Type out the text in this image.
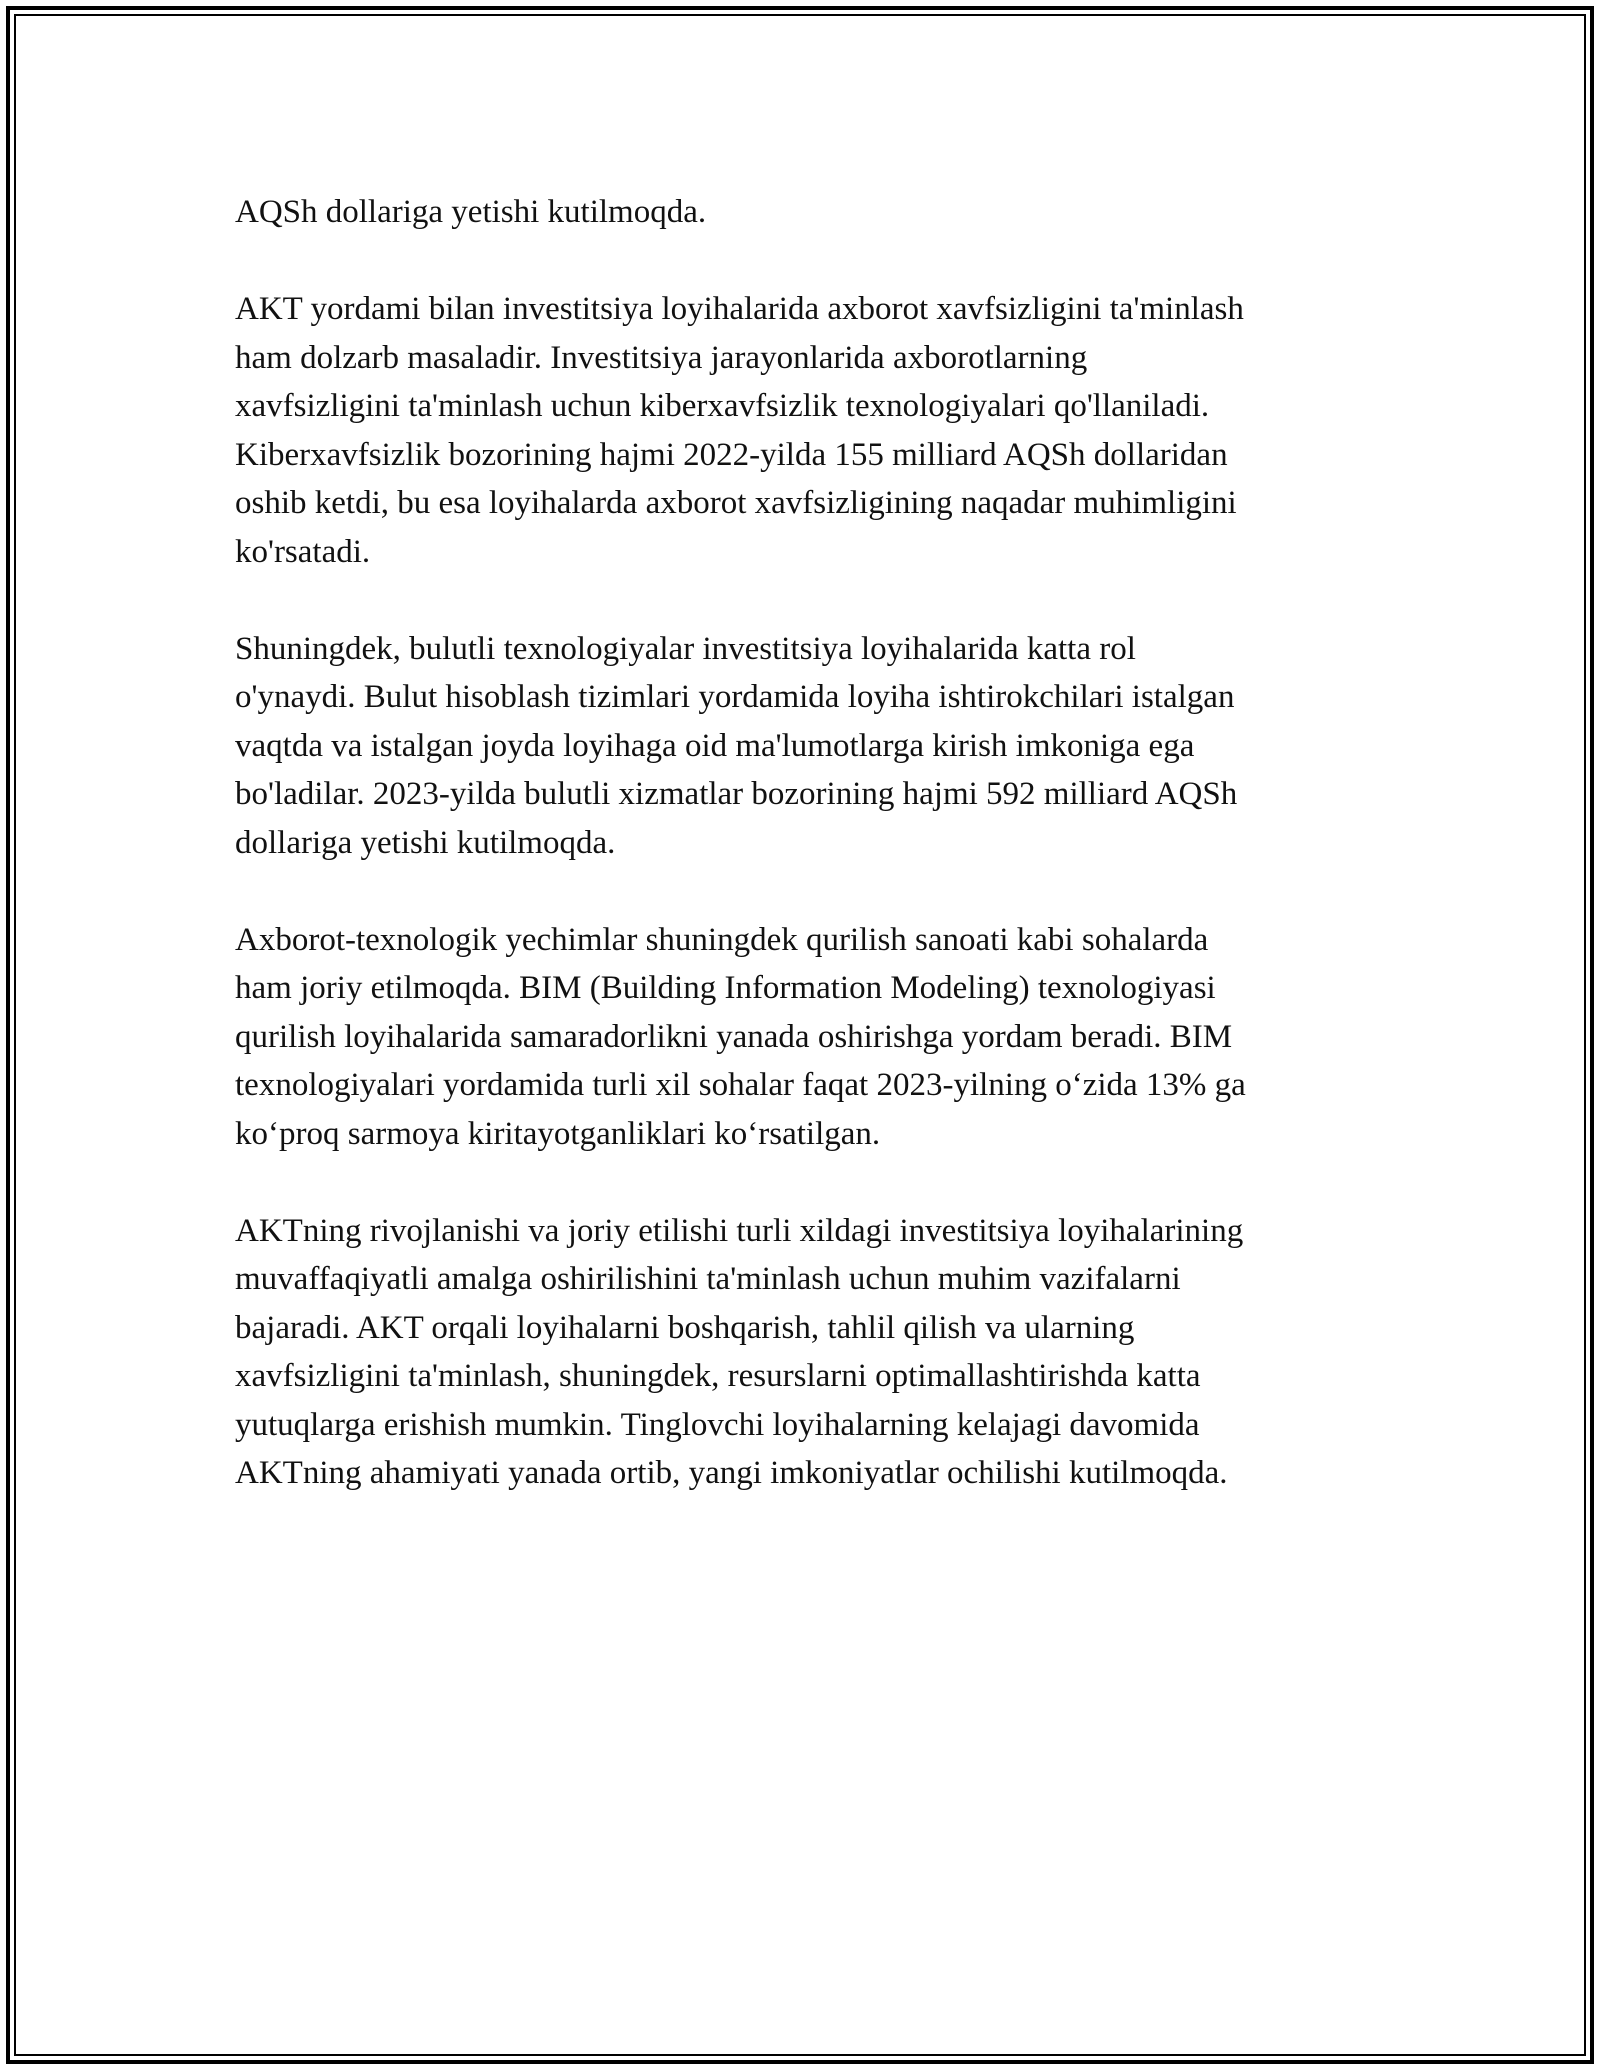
AQSh dollariga yetishi kutilmoqda.

AKT yordami bilan investitsiya loyihalarida axborot xavfsizligini ta'minlash
ham dolzarb masaladir. Investitsiya jarayonlarida axborotlarning
xavfsizligini ta'minlash uchun kiberxavfsizlik texnologiyalari qo'llaniladi.
Kiberxavfsizlik bozorining hajmi 2022-yilda 155 milliard AQSh dollaridan
oshib ketdi, bu esa loyihalarda axborot xavfsizligining naqadar muhimligini
ko'rsatadi.

Shuningdek, bulutli texnologiyalar investitsiya loyihalarida katta rol
o'ynaydi. Bulut hisoblash tizimlari yordamida loyiha ishtirokchilari istalgan
vaqtda va istalgan joyda loyihaga oid ma'lumotlarga kirish imkoniga ega
bo'ladilar. 2023-yilda bulutli xizmatlar bozorining hajmi 592 milliard AQSh
dollariga yetishi kutilmoqda.

Axborot-texnologik yechimlar shuningdek qurilish sanoati kabi sohalarda
ham joriy etilmoqda. BIM (Building Information Modeling) texnologiyasi
qurilish loyihalarida samaradorlikni yanada oshirishga yordam beradi. BIM
texnologiyalari yordamida turli xil sohalar faqat 2023-yilning oʻzida 13% ga
koʻproq sarmoya kiritayotganliklari koʻrsatilgan.

AKTning rivojlanishi va joriy etilishi turli xildagi investitsiya loyihalarining
muvaffaqiyatli amalga oshirilishini ta'minlash uchun muhim vazifalarni
bajaradi. AKT orqali loyihalarni boshqarish, tahlil qilish va ularning
xavfsizligini ta'minlash, shuningdek, resurslarni optimallashtirishda katta
yutuqlarga erishish mumkin. Tinglovchi loyihalarning kelajagi davomida
AKTning ahamiyati yanada ortib, yangi imkoniyatlar ochilishi kutilmoqda.
